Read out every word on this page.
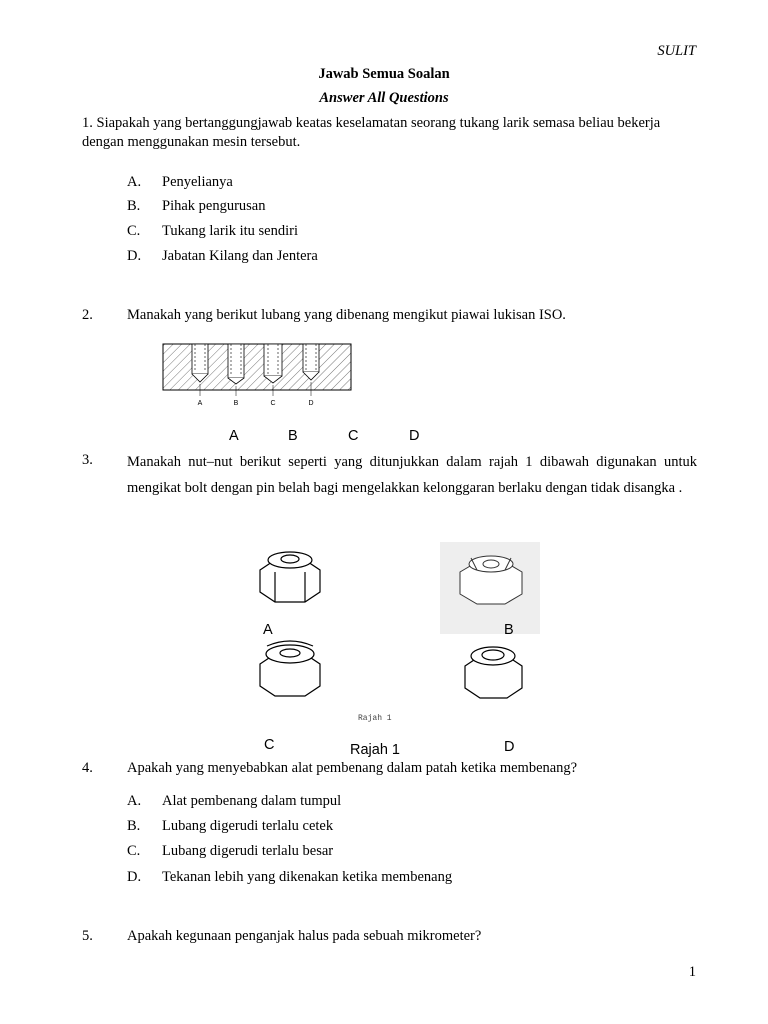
SULIT
Jawab Semua Soalan
Answer All Questions
1. Siapakah yang bertanggungjawab keatas keselamatan seorang tukang larik semasa beliau bekerja dengan menggunakan mesin tersebut.
A. Penyelianya
B. Pihak pengurusan
C. Tukang larik itu sendiri
D. Jabatan Kilang dan Jentera
2. Manakah yang berikut lubang yang dibenang mengikut piawai lukisan ISO.
A	B	C	D
A	B	C	D
3. Manakah nut–nut berikut seperti yang ditunjukkan dalam rajah 1 dibawah digunakan untuk mengikat bolt dengan pin belah bagi mengelakkan kelonggaran berlaku dengan tidak disangka .
Rajah 1
A	B
C	Rajah 1	D
4. Apakah yang menyebabkan alat pembenang dalam patah ketika membenang?
A. Alat pembenang dalam tumpul
B. Lubang digerudi terlalu cetek
C. Lubang digerudi terlalu besar
D. Tekanan lebih yang dikenakan ketika membenang
5. Apakah kegunaan penganjak halus pada sebuah mikrometer?
1
